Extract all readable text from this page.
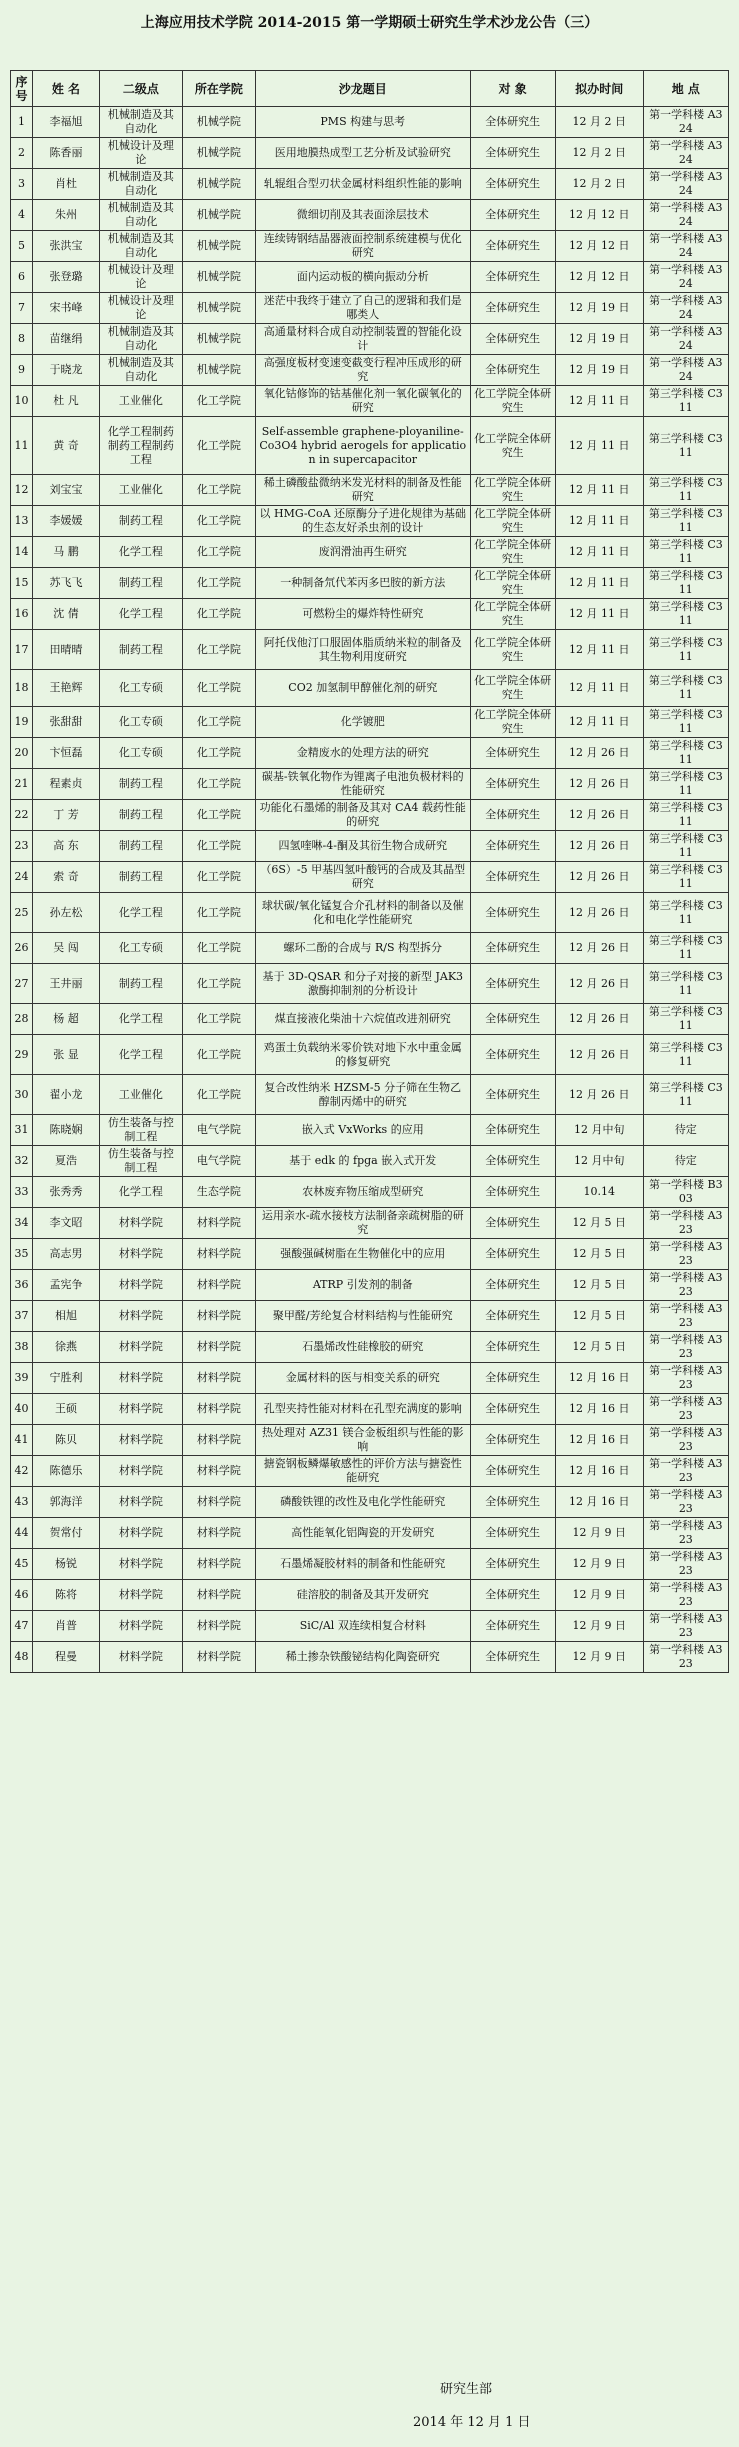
上海应用技术学院 2014-2015 第一学期硕士研究生学术沙龙公告（三）
序号	姓 名	二级点	所在学院	沙龙题目	对 象	拟办时间	地 点
1	李福旭	机械制造及其自动化	机械学院	PMS 构建与思考	全体研究生	12 月 2 日	第一学科楼 A324
2	陈香丽	机械设计及理论	机械学院	医用地膜热成型工艺分析及试验研究	全体研究生	12 月 2 日	第一学科楼 A324
3	肖杜	机械制造及其自动化	机械学院	轧辊组合型刃状金属材料组织性能的影响	全体研究生	12 月 2 日	第一学科楼 A324
4	朱州	机械制造及其自动化	机械学院	微细切削及其表面涂层技术	全体研究生	12 月 12 日	第一学科楼 A324
5	张洪宝	机械制造及其自动化	机械学院	连续铸钢结晶器液面控制系统建模与优化研究	全体研究生	12 月 12 日	第一学科楼 A324
6	张登璐	机械设计及理论	机械学院	面内运动板的横向振动分析	全体研究生	12 月 12 日	第一学科楼 A324
7	宋书峰	机械设计及理论	机械学院	迷茫中我终于建立了自己的逻辑和我们是哪类人	全体研究生	12 月 19 日	第一学科楼 A324
8	苗继绢	机械制造及其自动化	机械学院	高通量材料合成自动控制装置的智能化设计	全体研究生	12 月 19 日	第一学科楼 A324
9	于晓龙	机械制造及其自动化	机械学院	高强度板材变速变截变行程冲压成形的研究	全体研究生	12 月 19 日	第一学科楼 A324
10	杜 凡	工业催化	化工学院	氧化钴修饰的钴基催化剂一氧化碳氧化的研究	化工学院全体研究生	12 月 11 日	第三学科楼 C311
11	黄 奇	化学工程制药制药工程制药工程	化工学院	Self-assemble graphene-ployaniline-Co3O4 hybrid aerogels for application in supercapacitor	化工学院全体研究生	12 月 11 日	第三学科楼 C311
12	刘宝宝	工业催化	化工学院	稀土磷酸盐微纳米发光材料的制备及性能研究	化工学院全体研究生	12 月 11 日	第三学科楼 C311
13	李媛媛	制药工程	化工学院	以 HMG-CoA 还原酶分子进化规律为基础的生态友好杀虫剂的设计	化工学院全体研究生	12 月 11 日	第三学科楼 C311
14	马 鹏	化学工程	化工学院	废润滑油再生研究	化工学院全体研究生	12 月 11 日	第三学科楼 C311
15	苏飞飞	制药工程	化工学院	一种制备氘代苯丙多巴胺的新方法	化工学院全体研究生	12 月 11 日	第三学科楼 C311
16	沈 倩	化学工程	化工学院	可燃粉尘的爆炸特性研究	化工学院全体研究生	12 月 11 日	第三学科楼 C311
17	田晴晴	制药工程	化工学院	阿托伐他汀口服固体脂质纳米粒的制备及其生物利用度研究	化工学院全体研究生	12 月 11 日	第三学科楼 C311
18	王艳辉	化工专硕	化工学院	CO2 加氢制甲醇催化剂的研究	化工学院全体研究生	12 月 11 日	第三学科楼 C311
19	张甜甜	化工专硕	化工学院	化学镀肥	化工学院全体研究生	12 月 11 日	第三学科楼 C311
20	卞恒磊	化工专硕	化工学院	金精废水的处理方法的研究	全体研究生	12 月 26 日	第三学科楼 C311
21	程素贞	制药工程	化工学院	碳基-铁氧化物作为锂离子电池负极材料的性能研究	全体研究生	12 月 26 日	第三学科楼 C311
22	丁 芳	制药工程	化工学院	功能化石墨烯的制备及其对 CA4 载药性能的研究	全体研究生	12 月 26 日	第三学科楼 C311
23	高 东	制药工程	化工学院	四氢喹啉-4-酮及其衍生物合成研究	全体研究生	12 月 26 日	第三学科楼 C311
24	索 奇	制药工程	化工学院	（6S）-5 甲基四氢叶酸钙的合成及其晶型研究	全体研究生	12 月 26 日	第三学科楼 C311
25	孙左松	化学工程	化工学院	球状碳/氧化锰复合介孔材料的制备以及催化和电化学性能研究	全体研究生	12 月 26 日	第三学科楼 C311
26	吴 闯	化工专硕	化工学院	螺环二酚的合成与 R/S 构型拆分	全体研究生	12 月 26 日	第三学科楼 C311
27	王井丽	制药工程	化工学院	基于 3D-QSAR 和分子对接的新型 JAK3 激酶抑制剂的分析设计	全体研究生	12 月 26 日	第三学科楼 C311
28	杨 超	化学工程	化工学院	煤直接液化柴油十六烷值改进剂研究	全体研究生	12 月 26 日	第三学科楼 C311
29	张 显	化学工程	化工学院	鸡蛋土负载纳米零价铁对地下水中重金属的修复研究	全体研究生	12 月 26 日	第三学科楼 C311
30	翟小龙	工业催化	化工学院	复合改性纳米 HZSM-5 分子筛在生物乙醇制丙烯中的研究	全体研究生	12 月 26 日	第三学科楼 C311
31	陈晓娴	仿生装备与控制工程	电气学院	嵌入式 VxWorks 的应用	全体研究生	12 月中旬	待定
32	夏浩	仿生装备与控制工程	电气学院	基于 edk 的 fpga 嵌入式开发	全体研究生	12 月中旬	待定
33	张秀秀	化学工程	生态学院	农林废弃物压缩成型研究	全体研究生	10.14	第一学科楼 B303
34	李文昭	材料学院	材料学院	运用亲水-疏水接枝方法制备亲疏树脂的研究	全体研究生	12 月 5 日	第一学科楼 A323
35	高志男	材料学院	材料学院	强酸强碱树脂在生物催化中的应用	全体研究生	12 月 5 日	第一学科楼 A323
36	孟宪争	材料学院	材料学院	ATRP 引发剂的制备	全体研究生	12 月 5 日	第一学科楼 A323
37	相旭	材料学院	材料学院	聚甲醛/芳纶复合材料结构与性能研究	全体研究生	12 月 5 日	第一学科楼 A323
38	徐燕	材料学院	材料学院	石墨烯改性硅橡胶的研究	全体研究生	12 月 5 日	第一学科楼 A323
39	宁胜利	材料学院	材料学院	金属材料的医与相变关系的研究	全体研究生	12 月 16 日	第一学科楼 A323
40	王硕	材料学院	材料学院	孔型夹持性能对材料在孔型充满度的影响	全体研究生	12 月 16 日	第一学科楼 A323
41	陈贝	材料学院	材料学院	热处理对 AZ31 镁合金板组织与性能的影响	全体研究生	12 月 16 日	第一学科楼 A323
42	陈德乐	材料学院	材料学院	搪瓷钢板鳞爆敏感性的评价方法与搪瓷性能研究	全体研究生	12 月 16 日	第一学科楼 A323
43	郭海洋	材料学院	材料学院	磷酸铁锂的改性及电化学性能研究	全体研究生	12 月 16 日	第一学科楼 A323
44	贺常付	材料学院	材料学院	高性能氧化铝陶瓷的开发研究	全体研究生	12 月 9 日	第一学科楼 A323
45	杨锐	材料学院	材料学院	石墨烯凝胶材料的制备和性能研究	全体研究生	12 月 9 日	第一学科楼 A323
46	陈将	材料学院	材料学院	硅溶胶的制备及其开发研究	全体研究生	12 月 9 日	第一学科楼 A323
47	肖普	材料学院	材料学院	SiC/Al 双连续相复合材料	全体研究生	12 月 9 日	第一学科楼 A323
48	程曼	材料学院	材料学院	稀土掺杂铁酸铋结构化陶瓷研究	全体研究生	12 月 9 日	第一学科楼 A323
研究生部
2014 年 12 月 1 日
